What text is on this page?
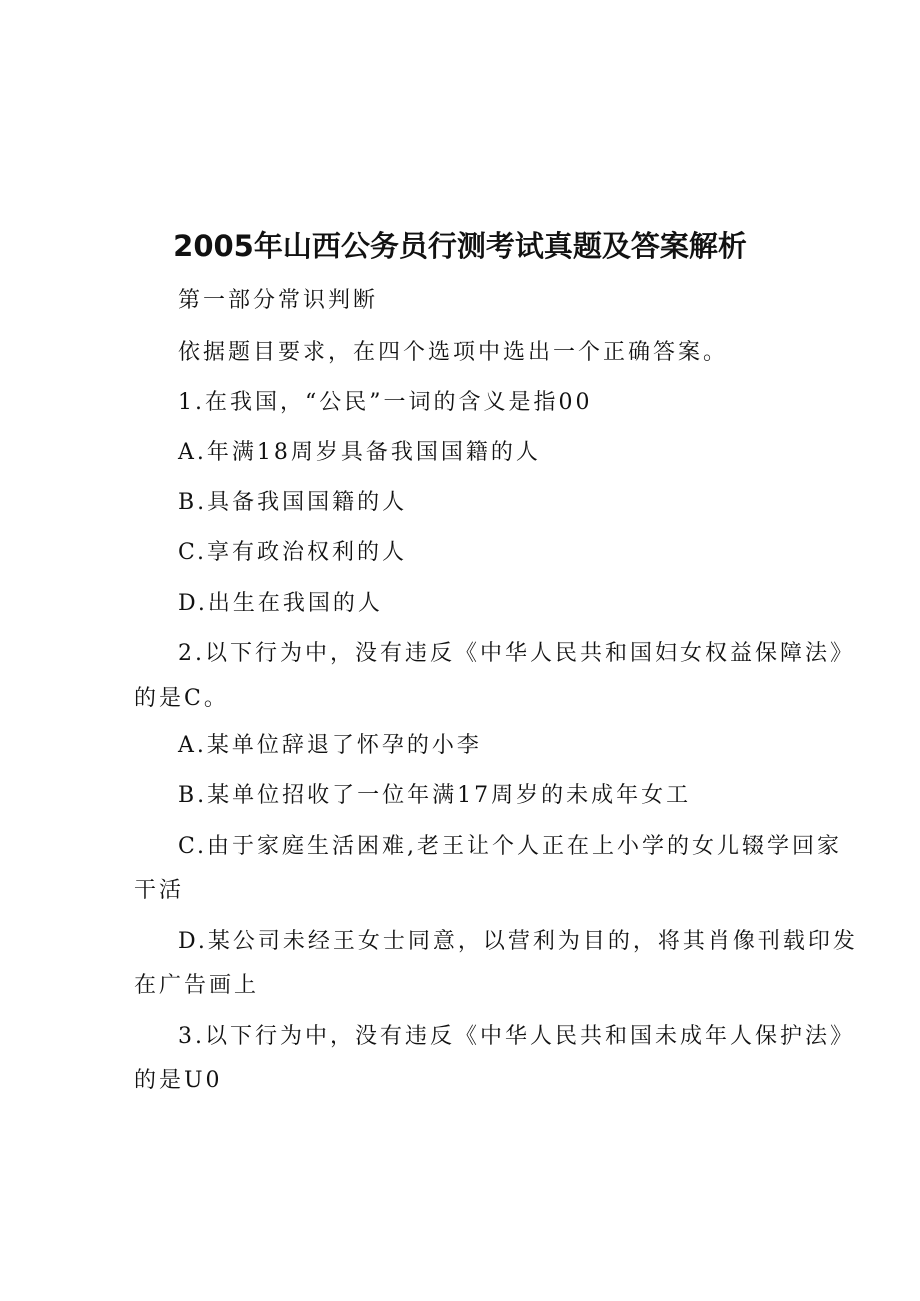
2005年山西公务员行测考试真题及答案解析

第一部分常识判断

依据题目要求，在四个选项中选出一个正确答案。

1.在我国，“公民”一词的含义是指00

A.年满18周岁具备我国国籍的人

B.具备我国国籍的人

C.享有政治权利的人

D.出生在我国的人

2.以下行为中，没有违反《中华人民共和国妇女权益保障法》

的是C。

A.某单位辞退了怀孕的小李

B.某单位招收了一位年满17周岁的未成年女工

C.由于家庭生活困难,老王让个人正在上小学的女儿辍学回家

干活

D.某公司未经王女士同意，以营利为目的，将其肖像刊载印发

在广告画上

3.以下行为中，没有违反《中华人民共和国未成年人保护法》

的是U0
